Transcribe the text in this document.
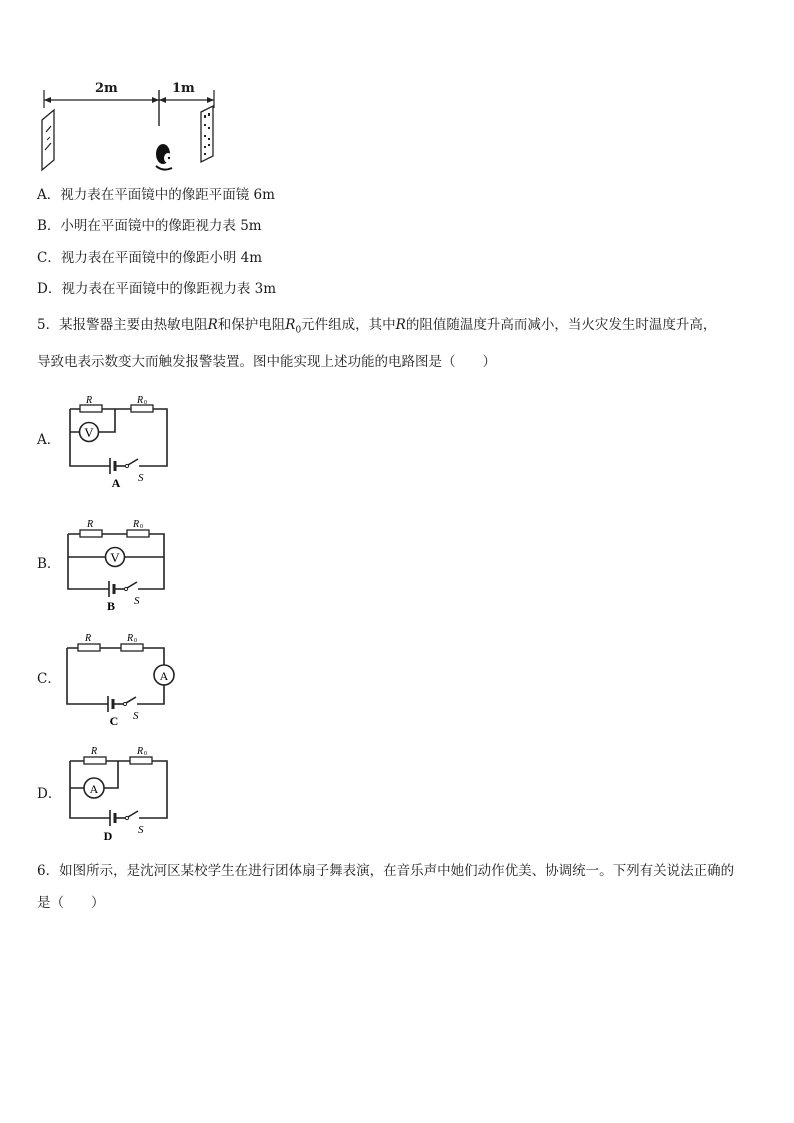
2m	1m
A．视力表在平面镜中的像距平面镜 6m
B．小明在平面镜中的像距视力表 5m
C．视力表在平面镜中的像距小明 4m
D．视力表在平面镜中的像距视力表 3m
5．某报警器主要由热敏电阻R和保护电阻$R_0$元件组成，其中R的阻值随温度升高而减小，当火灾发生时温度升高，
导致电表示数变大而触发报警装置。图中能实现上述功能的电路图是（　　）
A． V
S
R	R 0
A
B．	V
S
R	R 0
B
C．	A
S
R	R 0
C
D． A
S
R	R 0
D
6．如图所示，是沈河区某校学生在进行团体扇子舞表演，在音乐声中她们动作优美、协调统一。下列有关说法正确的
是（　　）
